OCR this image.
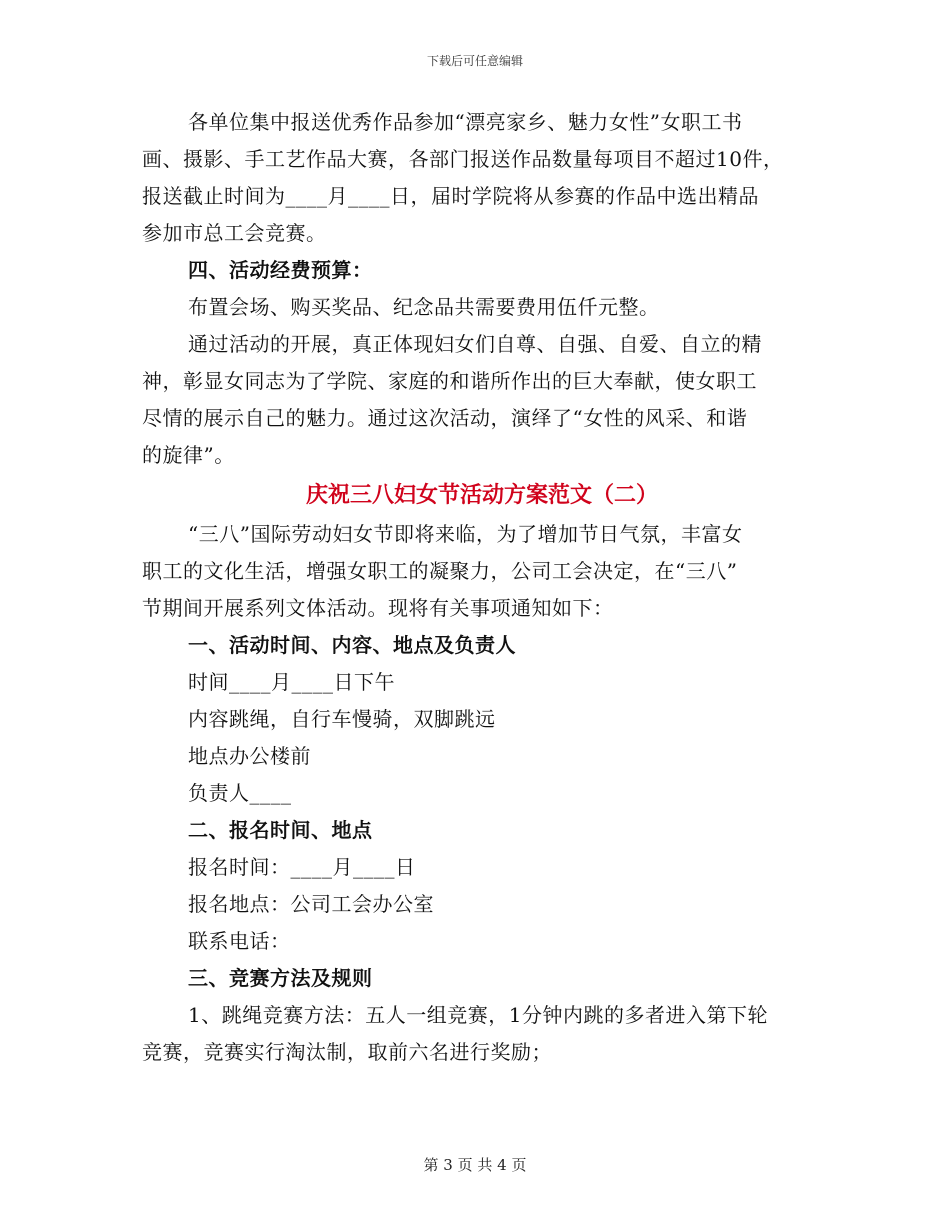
下载后可任意编辑
各单位集中报送优秀作品参加“漂亮家乡、魅力女性”女职工书
画、摄影、手工艺作品大赛，各部门报送作品数量每项目不超过10件，
报送截止时间为____月____日，届时学院将从参赛的作品中选出精品
参加市总工会竞赛。
四、活动经费预算：
布置会场、购买奖品、纪念品共需要费用伍仟元整。
通过活动的开展，真正体现妇女们自尊、自强、自爱、自立的精
神，彰显女同志为了学院、家庭的和谐所作出的巨大奉献，使女职工
尽情的展示自己的魅力。通过这次活动，演绎了“女性的风采、和谐
的旋律”。
庆祝三八妇女节活动方案范文（二）
“三八”国际劳动妇女节即将来临，为了增加节日气氛，丰富女
职工的文化生活，增强女职工的凝聚力，公司工会决定，在“三八”
节期间开展系列文体活动。现将有关事项通知如下：
一、活动时间、内容、地点及负责人
时间____月____日下午
内容跳绳，自行车慢骑，双脚跳远
地点办公楼前
负责人____
二、报名时间、地点
报名时间：____月____日
报名地点：公司工会办公室
联系电话：
三、竞赛方法及规则
1、跳绳竞赛方法：五人一组竞赛，1分钟内跳的多者进入第下轮
竞赛，竞赛实行淘汰制，取前六名进行奖励；
第 3 页 共 4 页
